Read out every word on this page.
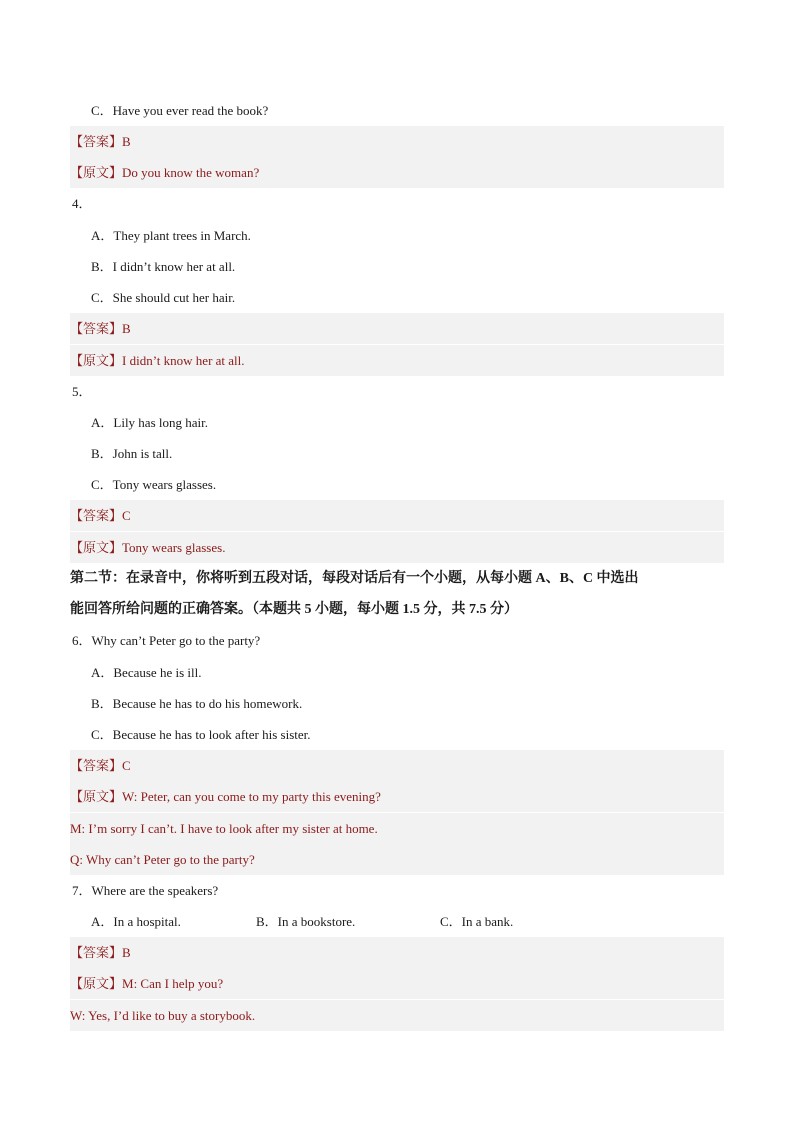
C．Have you ever read the book?
【答案】B
【原文】Do you know the woman?
4．
A．They plant trees in March.
B．I didn’t know her at all.
C．She should cut her hair.
【答案】B
【原文】I didn’t know her at all.
5．
A．Lily has long hair.
B．John is tall.
C．Tony wears glasses.
【答案】C
【原文】Tony wears glasses.
第二节：在录音中，你将听到五段对话，每段对话后有一个小题，从每小题 A、B、C 中选出
能回答所给问题的正确答案。（本题共 5 小题，每小题 1.5 分，共 7.5 分）
6．Why can’t Peter go to the party?
A．Because he is ill.
B．Because he has to do his homework.
C．Because he has to look after his sister.
【答案】C
【原文】W: Peter, can you come to my party this evening?
M: I’m sorry I can’t. I have to look after my sister at home.
Q: Why can’t Peter go to the party?
7．Where are the speakers?
A．In a hospital.	B．In a bookstore.	C．In a bank.
【答案】B
【原文】M: Can I help you?
W: Yes, I’d like to buy a storybook.
